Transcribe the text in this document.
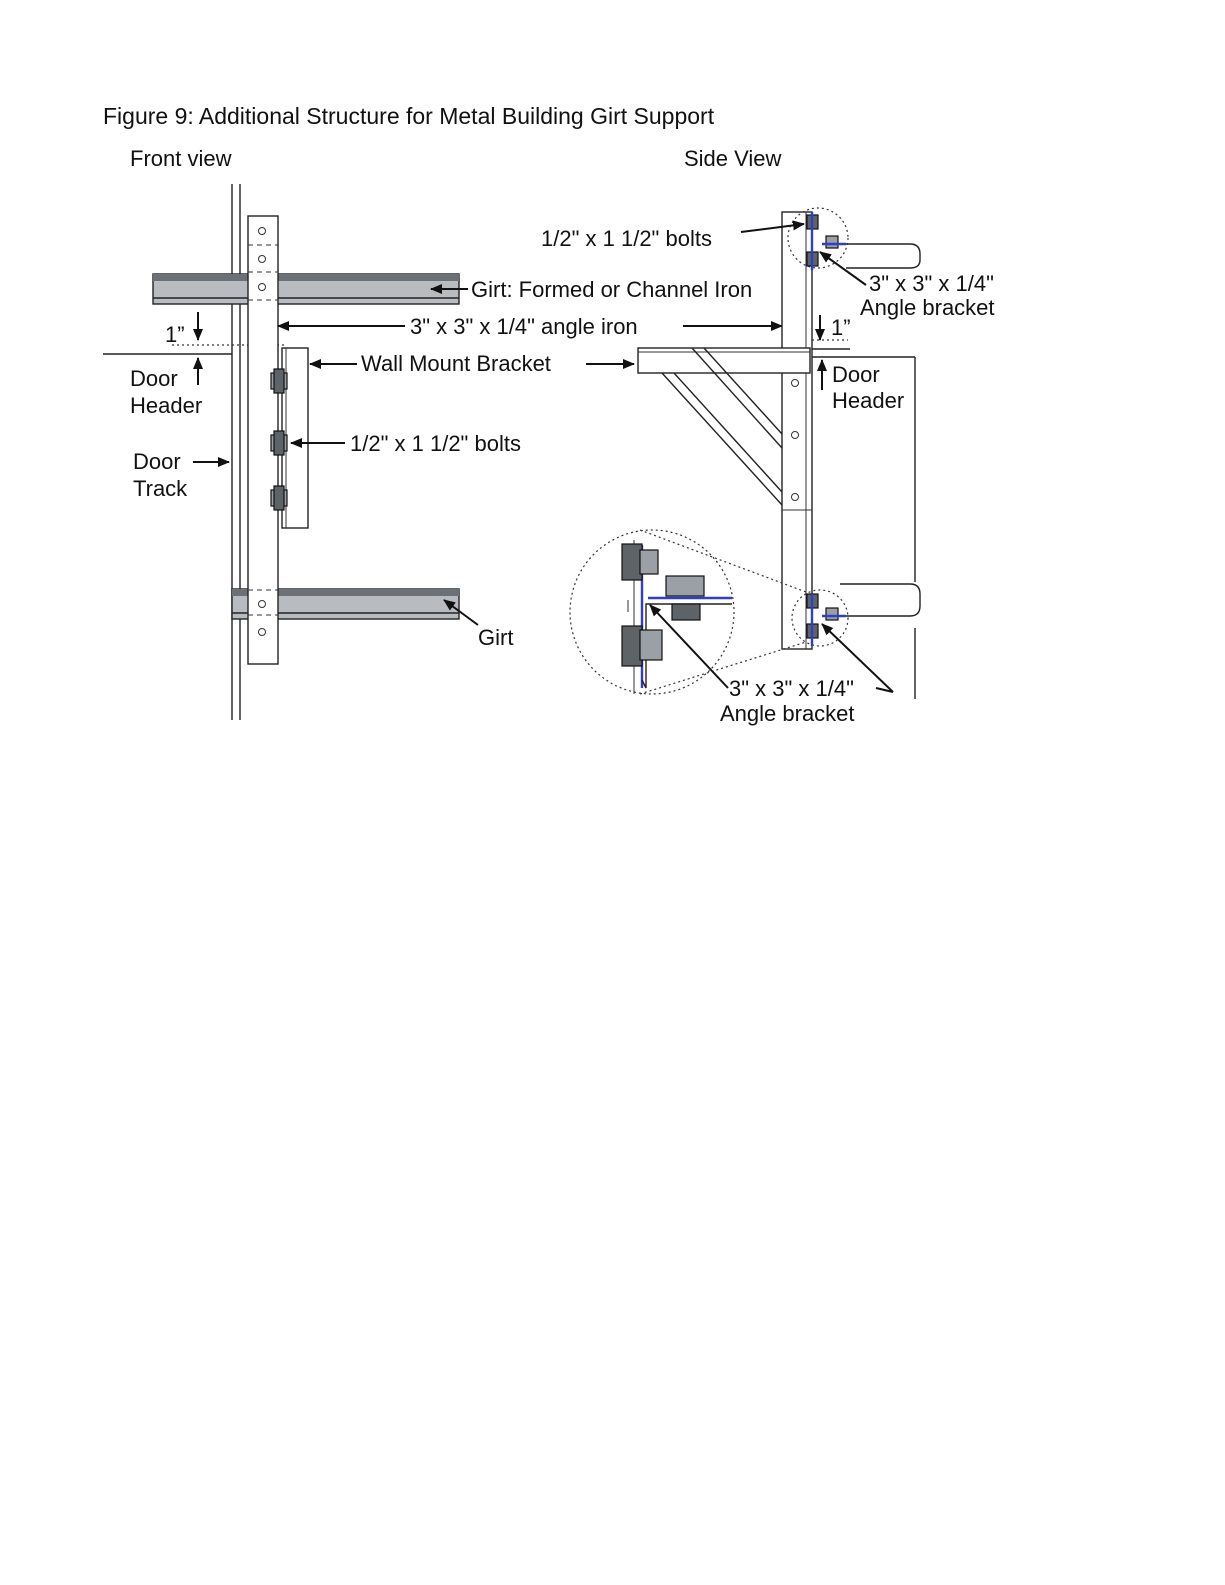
Figure 9: Additional Structure for Metal Building Girt Support
Front view
Girt: Formed or Channel Iron
3" x 3" x 1/4" angle iron
1”
Door
Header
Wall Mount Bracket
1/2" x 1 1/2" bolts
Door
Track
Girt
Side View
1/2" x 1 1/2" bolts
3" x 3" x 1/4"
Angle bracket
1”
Door
Header
3" x 3" x 1/4"
Angle bracket
